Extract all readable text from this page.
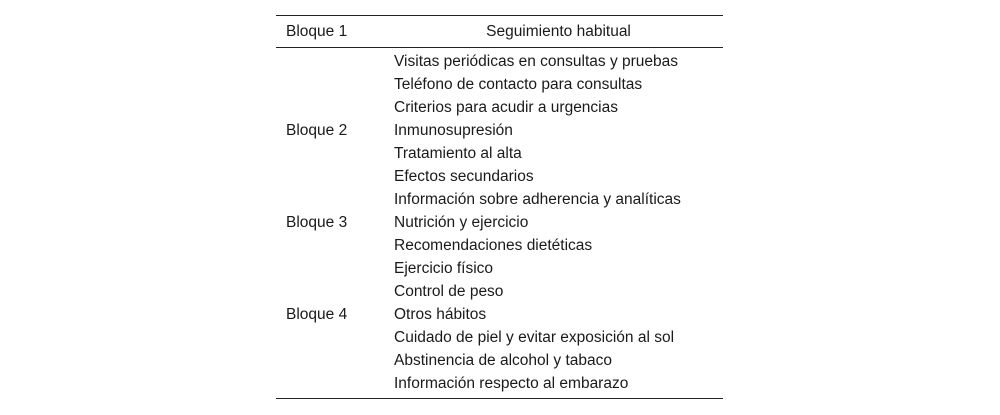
Bloque 1	Seguimiento habitual
Bloque 2
Bloque 3
Bloque 4
Visitas periódicas en consultas y pruebas
Teléfono de contacto para consultas
Criterios para acudir a urgencias
Inmunosupresión
Tratamiento al alta
Efectos secundarios
Información sobre adherencia y analíticas
Nutrición y ejercicio
Recomendaciones dietéticas
Ejercicio físico
Control de peso
Otros hábitos
Cuidado de piel y evitar exposición al sol
Abstinencia de alcohol y tabaco
Información respecto al embarazo
